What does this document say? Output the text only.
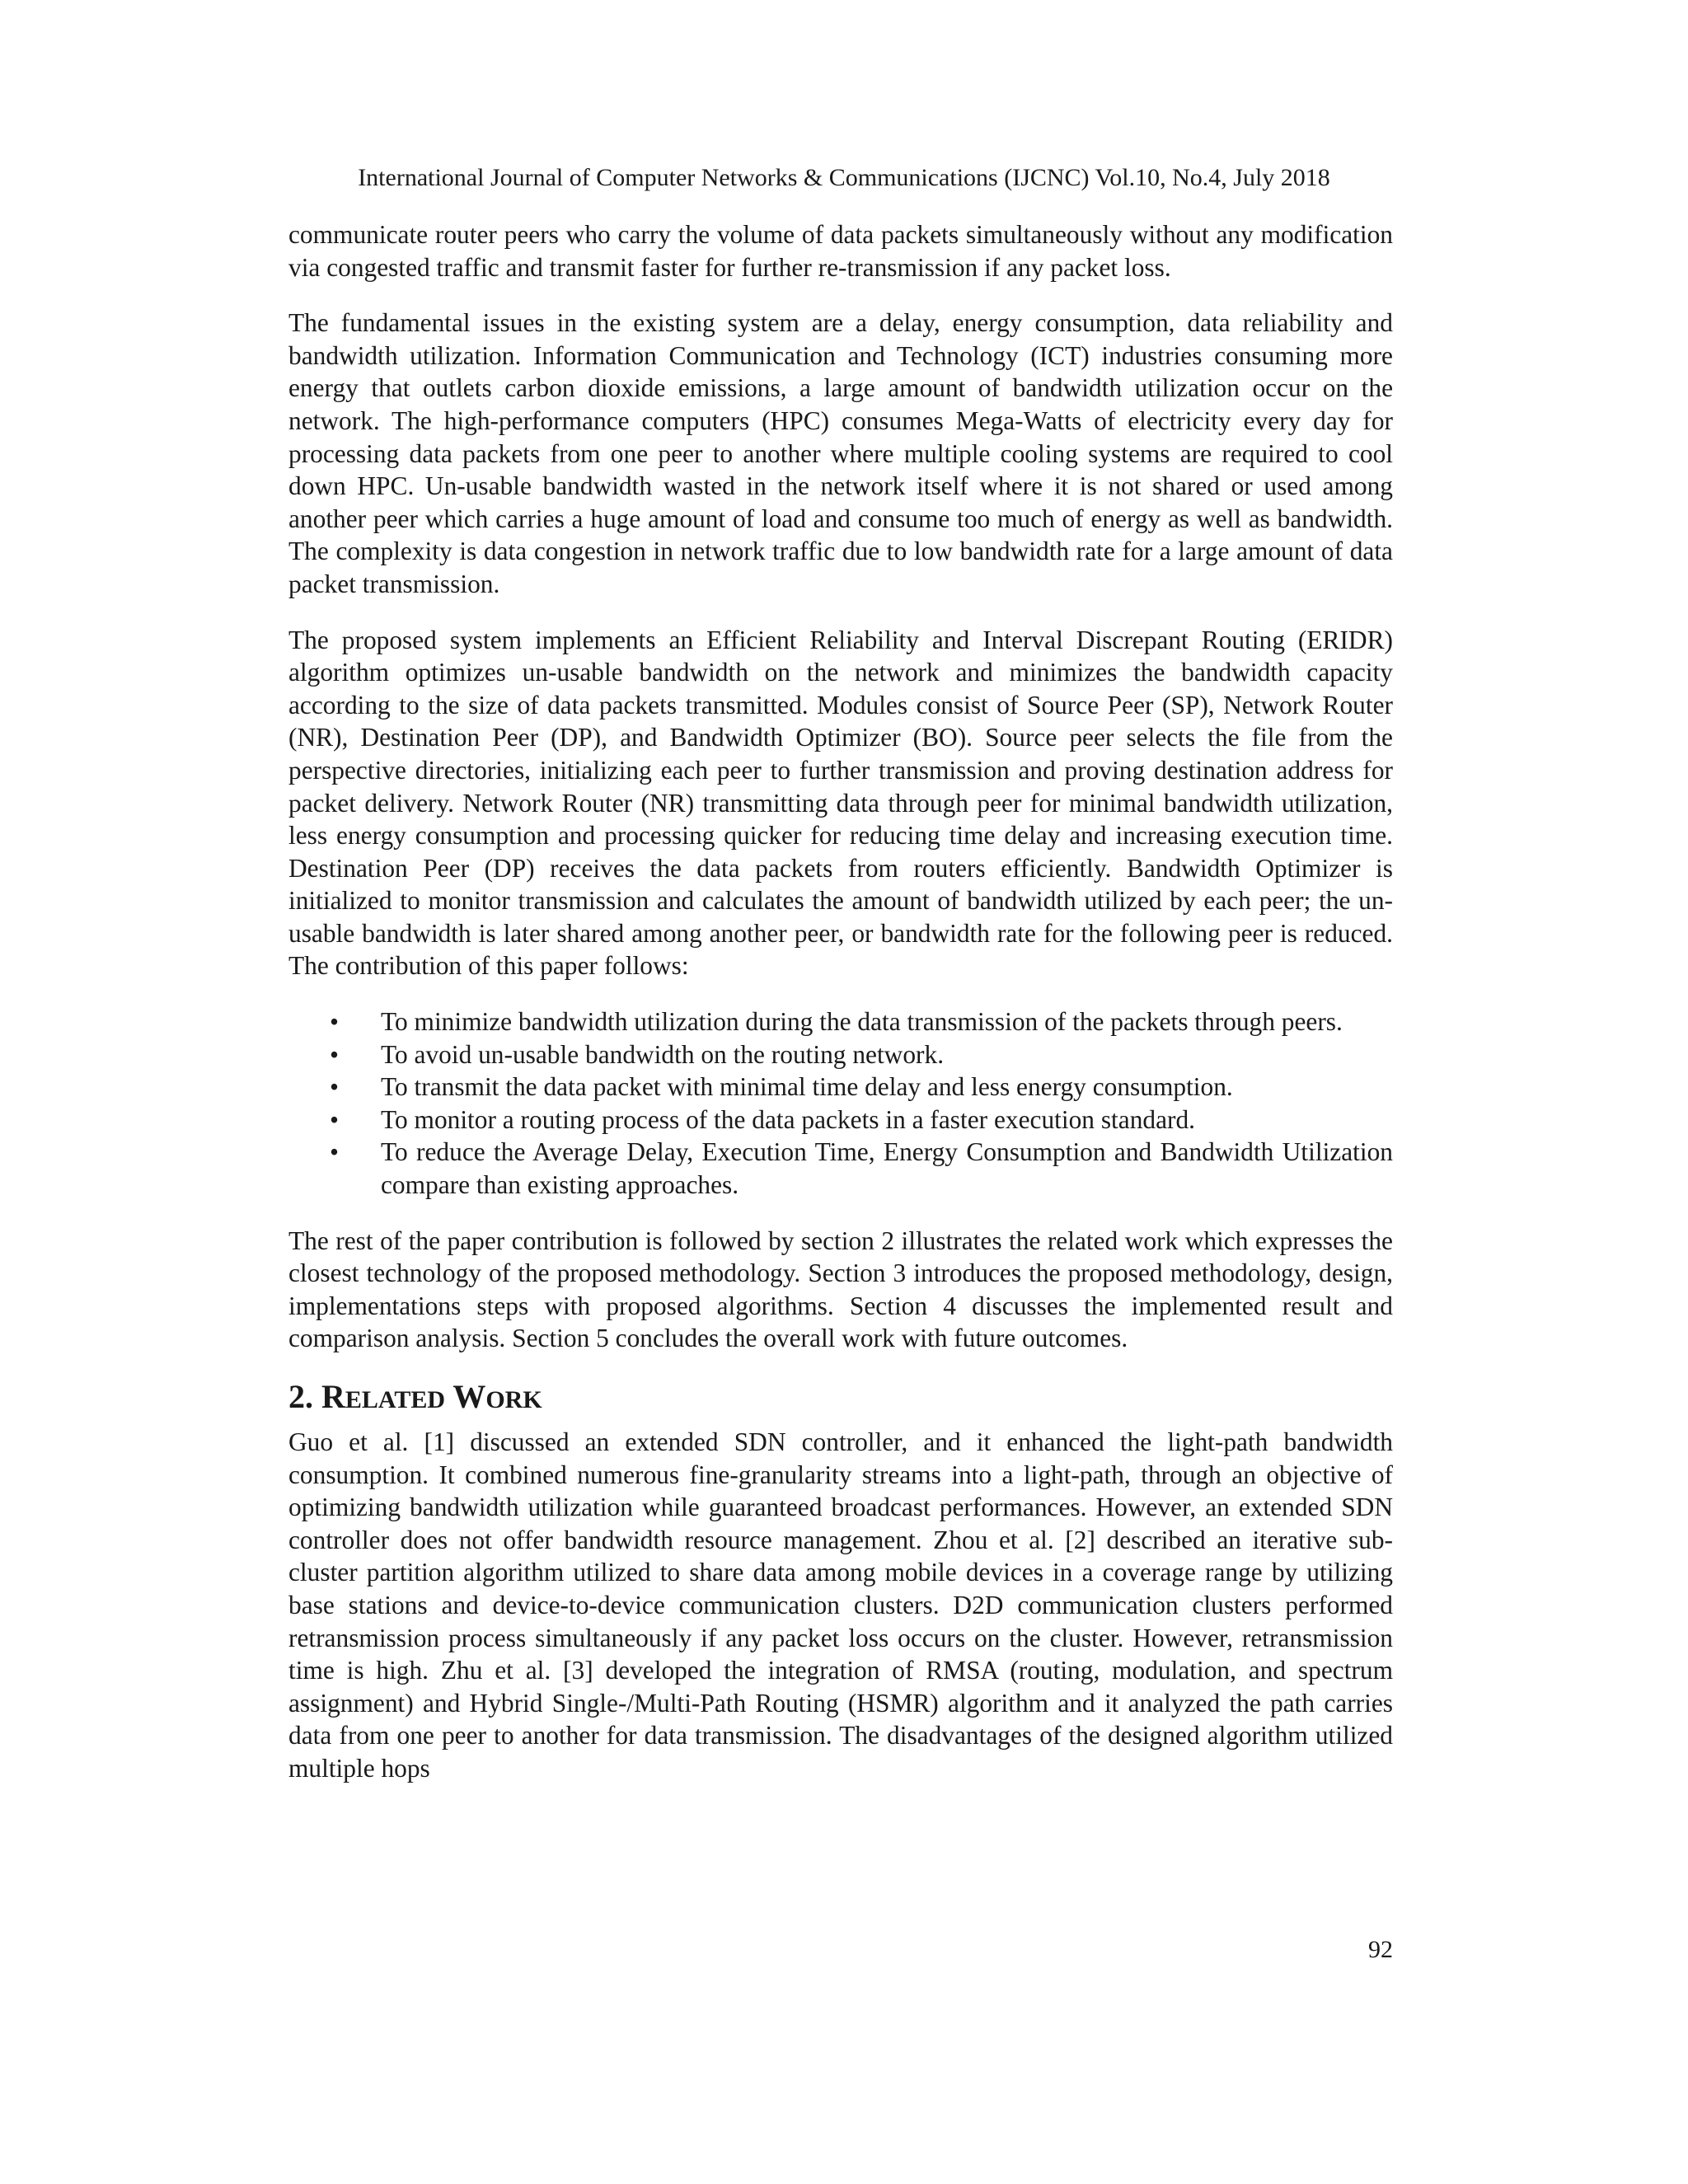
International Journal of Computer Networks & Communications (IJCNC) Vol.10, No.4, July 2018

communicate router peers who carry the volume of data packets simultaneously without any modification via congested traffic and transmit faster for further re-transmission if any packet loss.

The fundamental issues in the existing system are a delay, energy consumption, data reliability and bandwidth utilization. Information Communication and Technology (ICT) industries consuming more energy that outlets carbon dioxide emissions, a large amount of bandwidth utilization occur on the network. The high-performance computers (HPC) consumes Mega-Watts of electricity every day for processing data packets from one peer to another where multiple cooling systems are required to cool down HPC. Un-usable bandwidth wasted in the network itself where it is not shared or used among another peer which carries a huge amount of load and consume too much of energy as well as bandwidth. The complexity is data congestion in network traffic due to low bandwidth rate for a large amount of data packet transmission.

The proposed system implements an Efficient Reliability and Interval Discrepant Routing (ERIDR) algorithm optimizes un-usable bandwidth on the network and minimizes the bandwidth capacity according to the size of data packets transmitted. Modules consist of Source Peer (SP), Network Router (NR), Destination Peer (DP), and Bandwidth Optimizer (BO). Source peer selects the file from the perspective directories, initializing each peer to further transmission and proving destination address for packet delivery. Network Router (NR) transmitting data through peer for minimal bandwidth utilization, less energy consumption and processing quicker for reducing time delay and increasing execution time. Destination Peer (DP) receives the data packets from routers efficiently. Bandwidth Optimizer is initialized to monitor transmission and calculates the amount of bandwidth utilized by each peer; the un-usable bandwidth is later shared among another peer, or bandwidth rate for the following peer is reduced. The contribution of this paper follows:

• To minimize bandwidth utilization during the data transmission of the packets through peers.
• To avoid un-usable bandwidth on the routing network.
• To transmit the data packet with minimal time delay and less energy consumption.
• To monitor a routing process of the data packets in a faster execution standard.
• To reduce the Average Delay, Execution Time, Energy Consumption and Bandwidth Utilization compare than existing approaches.

The rest of the paper contribution is followed by section 2 illustrates the related work which expresses the closest technology of the proposed methodology. Section 3 introduces the proposed methodology, design, implementations steps with proposed algorithms. Section 4 discusses the implemented result and comparison analysis. Section 5 concludes the overall work with future outcomes.

2. RELATED WORK

Guo et al. [1] discussed an extended SDN controller, and it enhanced the light-path bandwidth consumption. It combined numerous fine-granularity streams into a light-path, through an objective of optimizing bandwidth utilization while guaranteed broadcast performances. However, an extended SDN controller does not offer bandwidth resource management. Zhou et al. [2] described an iterative sub-cluster partition algorithm utilized to share data among mobile devices in a coverage range by utilizing base stations and device-to-device communication clusters. D2D communication clusters performed retransmission process simultaneously if any packet loss occurs on the cluster. However, retransmission time is high. Zhu et al. [3] developed the integration of RMSA (routing, modulation, and spectrum assignment) and Hybrid Single-/Multi-Path Routing (HSMR) algorithm and it analyzed the path carries data from one peer to another for data transmission. The disadvantages of the designed algorithm utilized multiple hops

92
